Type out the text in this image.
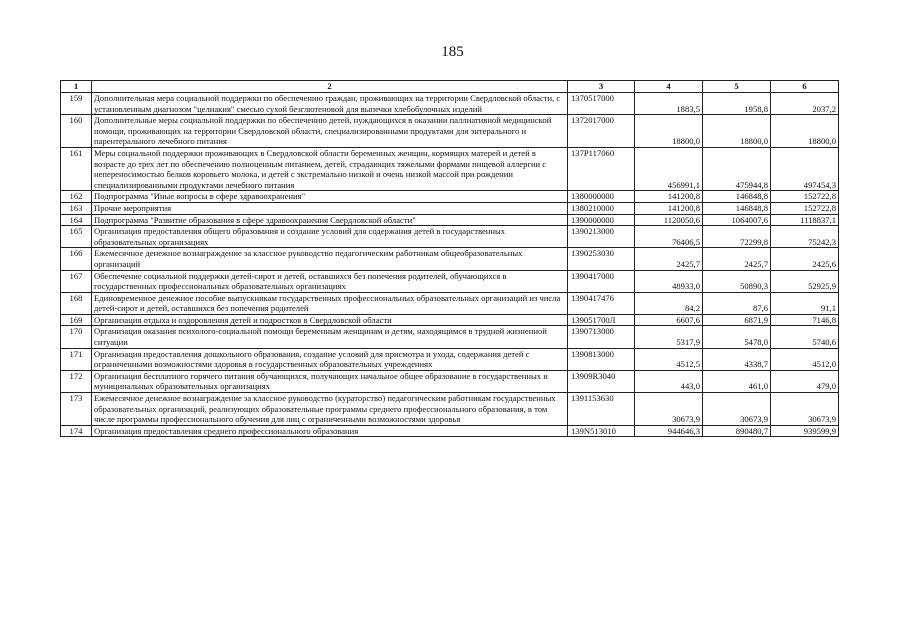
185
1	2	3	4	5	6
159	Дополнительная мера социальной поддержки по обеспечению граждан, проживающих на территории Свердловской области, с установленным диагнозом "целиакия" смесью сухой безглютеновой для выпечки хлебобулочных изделий	1370517000	1883,5	1958,8	2037,2
160	Дополнительные меры социальной поддержки по обеспечению детей, нуждающихся в оказании паллиативной медицинской помощи, проживающих на территории Свердловской области, специализированными продуктами для энтерального и парентерального лечебного питания	1372017000	18800,0	18800,0	18800,0
161	Меры социальной поддержки проживающих в Свердловской области беременных женщин, кормящих матерей и детей в возрасте до трех лет по обеспечению полноценным питанием, детей, страдающих тяжелыми формами пищевой аллергии с непереносимостью белков коровьего молока, и детей с экстремально низкой и очень низкой массой при рождении специализированными продуктами лечебного питания	137P117060	456991,1	475944,8	497454,3
162	Подпрограмма "Иные вопросы в сфере здравоохранения"	1380000000	141200,8	146848,8	152722,8
163	Прочие мероприятия	1380210000	141200,8	146848,8	152722,8
164	Подпрограмма "Развитие образования в сфере здравоохранения Свердловской области"	1390000000	1120050,6	1064007,6	1118837,1
165	Организация предоставления общего образования и создание условий для содержания детей в государственных образовательных организациях	1390213000	76406,5	72299,8	75242,3
166	Ежемесячное денежное вознаграждение за классное руководство педагогическим работникам общеобразовательных организаций	1390253030	2425,7	2425,7	2425,6
167	Обеспечение социальной поддержки детей-сирот и детей, оставшихся без попечения родителей, обучающихся в государственных профессиональных образовательных организациях	1390417000	48933,0	50890,3	52925,9
168	Единовременное денежное пособие выпускникам государственных профессиональных образовательных организаций из числа детей-сирот и детей, оставшихся без попечения родителей	1390417476	84,2	87,6	91,1
169	Организация отдыха и оздоровления детей и подростков в Свердловской области	139051700Л	6607,6	6871,9	7146,8
170	Организация оказания психолого-социальной помощи беременным женщинам и детям, находящимся в трудной жизненной ситуации	1390713000	5317,9	5478,0	5740,6
171	Организация предоставления дошкольного образования, создание условий для присмотра и ухода, содержания детей с ограниченными возможностями здоровья в государственных образовательных учреждениях	1390813000	4512,5	4338,7	4512,0
172	Организация бесплатного горячего питания обучающихся, получающих начальное общее образование в государственных и муниципальных образовательных организациях	13909R3040	443,0	461,0	479,0
173	Ежемесячное денежное вознаграждение за классное руководство (кураторство) педагогическим работникам государственных образовательных организаций, реализующих образовательные программы среднего профессионального образования, в том числе программы профессионального обучения для лиц с ограниченными возможностями здоровья	1391153630	30673,9	30673,9	30673,9
174	Организация предоставления среднего профессионального образования	139N513010	944646,3	890480,7	939599,9
